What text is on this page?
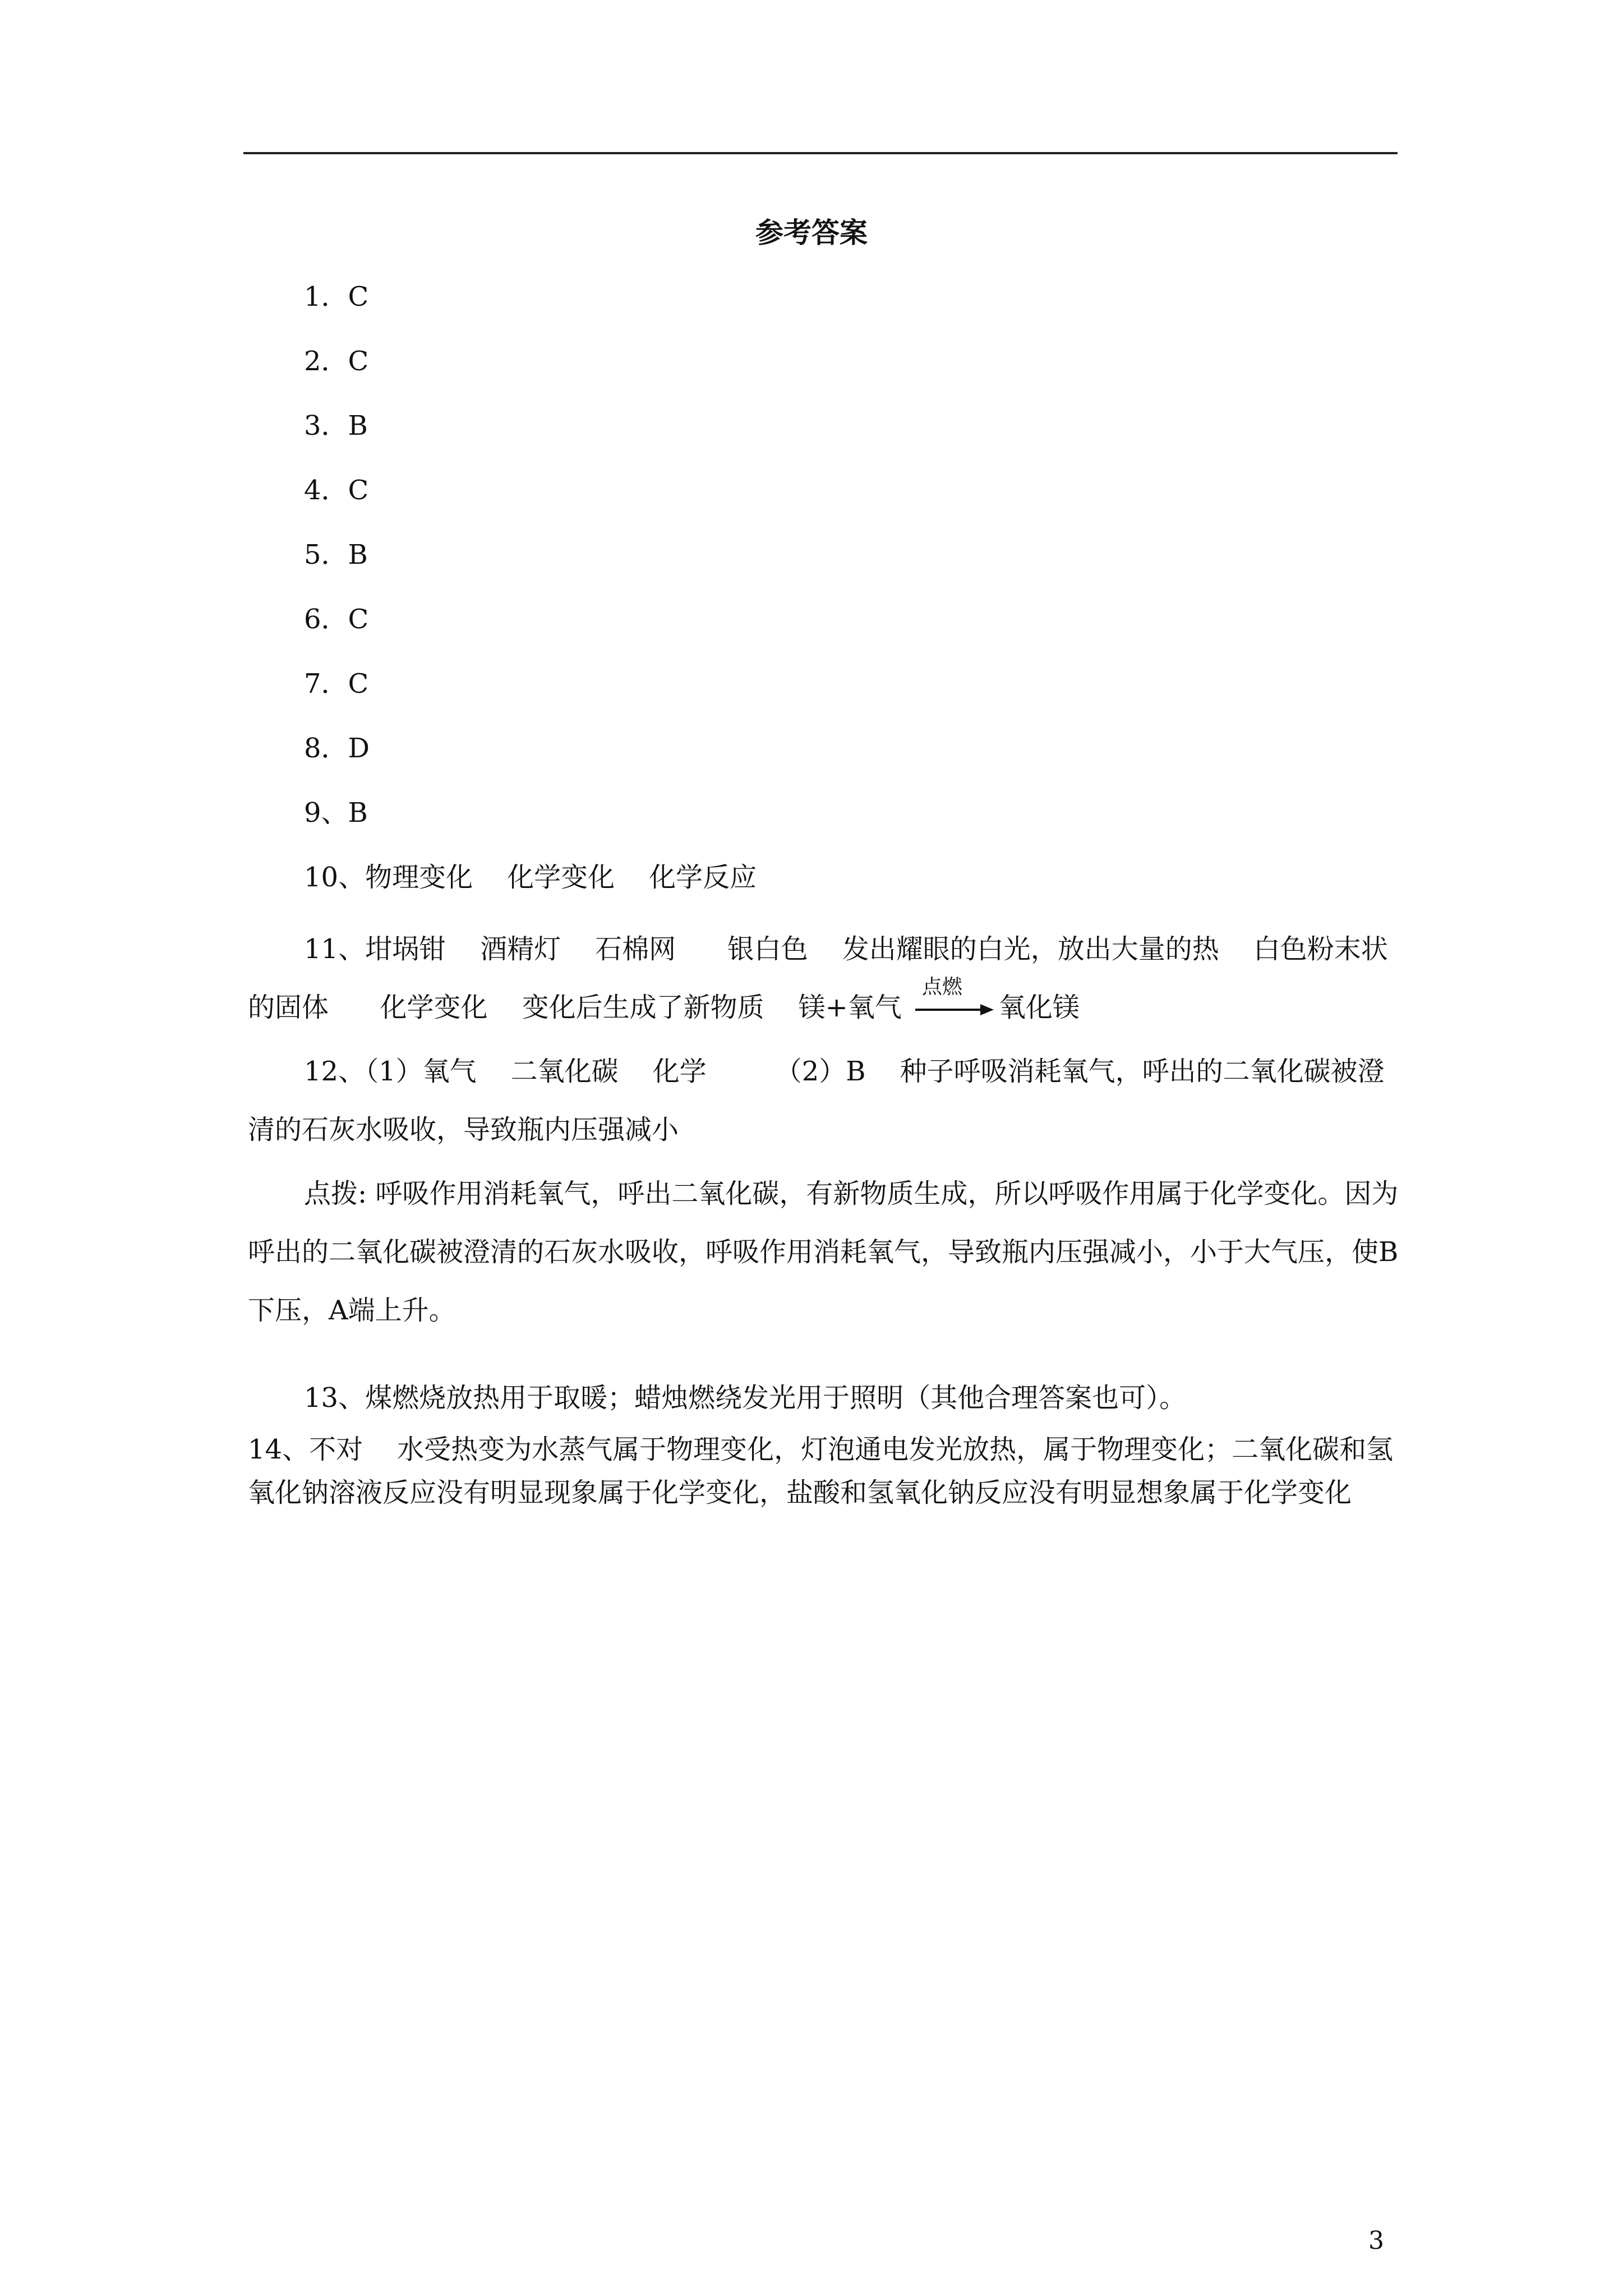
参考答案
1．C
2．C
3．B
4．C
5．B
6．C
7．C
8．D
9、B
10、物理变化    化学变化    化学反应

11、坩埚钳    酒精灯    石棉网      银白色    发出耀眼的白光，放出大量的热    白色粉末状的固体      化学变化    变化后生成了新物质    镁+氧气
点燃
氧化镁

12、（1）氧气    二氧化碳    化学        （2）B    种子呼吸消耗氧气，呼出的二氧化碳被澄清的石灰水吸收，导致瓶内压强减小

点拨: 呼吸作用消耗氧气，呼出二氧化碳，有新物质生成，所以呼吸作用属于化学变化。因为呼出的二氧化碳被澄清的石灰水吸收，呼吸作用消耗氧气，导致瓶内压强减小，小于大气压，使B下压，A端上升。

13、煤燃烧放热用于取暖；蜡烛燃绕发光用于照明（其他合理答案也可）。

14、不对    水受热变为水蒸气属于物理变化，灯泡通电发光放热，属于物理变化；二氧化碳和氢氧化钠溶液反应没有明显现象属于化学变化，盐酸和氢氧化钠反应没有明显想象属于化学变化

3
